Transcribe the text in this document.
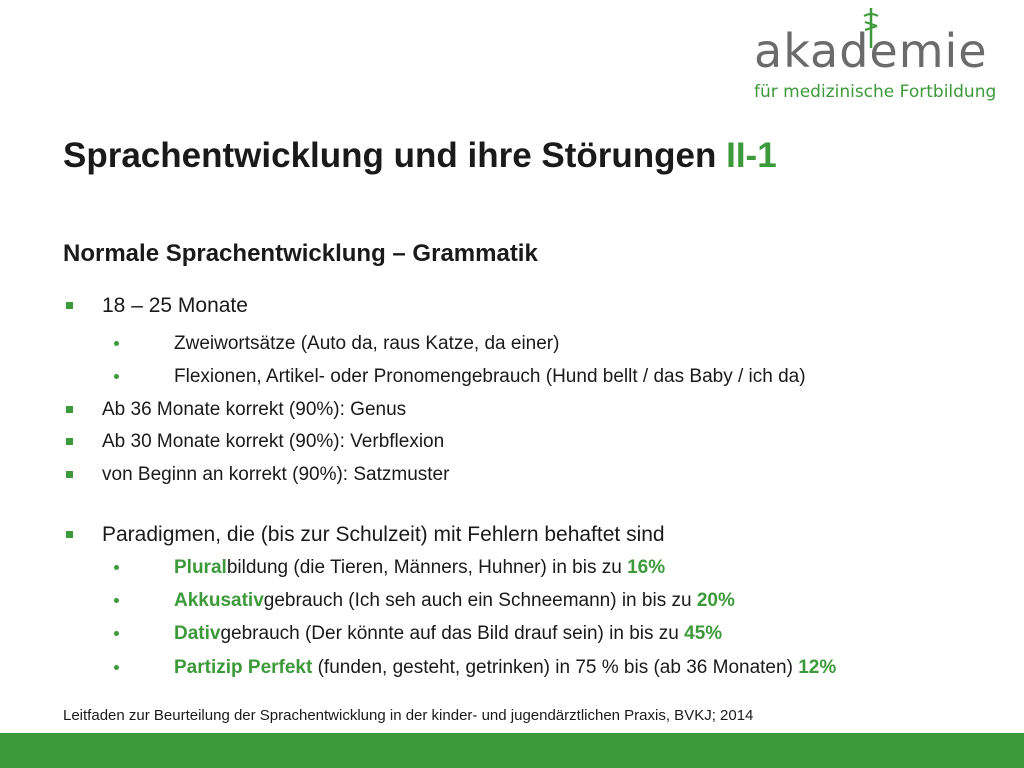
akademie
für medizinische Fortbildung
Sprachentwicklung und ihre Störungen II-1
Normale Sprachentwicklung – Grammatik
18 – 25 Monate
Zweiwortsätze (Auto da, raus Katze, da einer)
Flexionen, Artikel- oder Pronomengebrauch (Hund bellt / das Baby / ich da)
Ab 36 Monate korrekt (90%): Genus
Ab 30 Monate korrekt (90%): Verbflexion
von Beginn an korrekt (90%): Satzmuster
Paradigmen, die (bis zur Schulzeit) mit Fehlern behaftet sind
Pluralbildung (die Tieren, Männers, Huhner) in bis zu 16%
Akkusativgebrauch (Ich seh auch ein Schneemann) in bis zu 20%
Dativgebrauch (Der könnte auf das Bild drauf sein) in bis zu 45%
Partizip Perfekt (funden, gesteht, getrinken) in 75 % bis (ab 36 Monaten) 12%
Leitfaden zur Beurteilung der Sprachentwicklung in der kinder- und jugendärztlichen Praxis, BVKJ; 2014
